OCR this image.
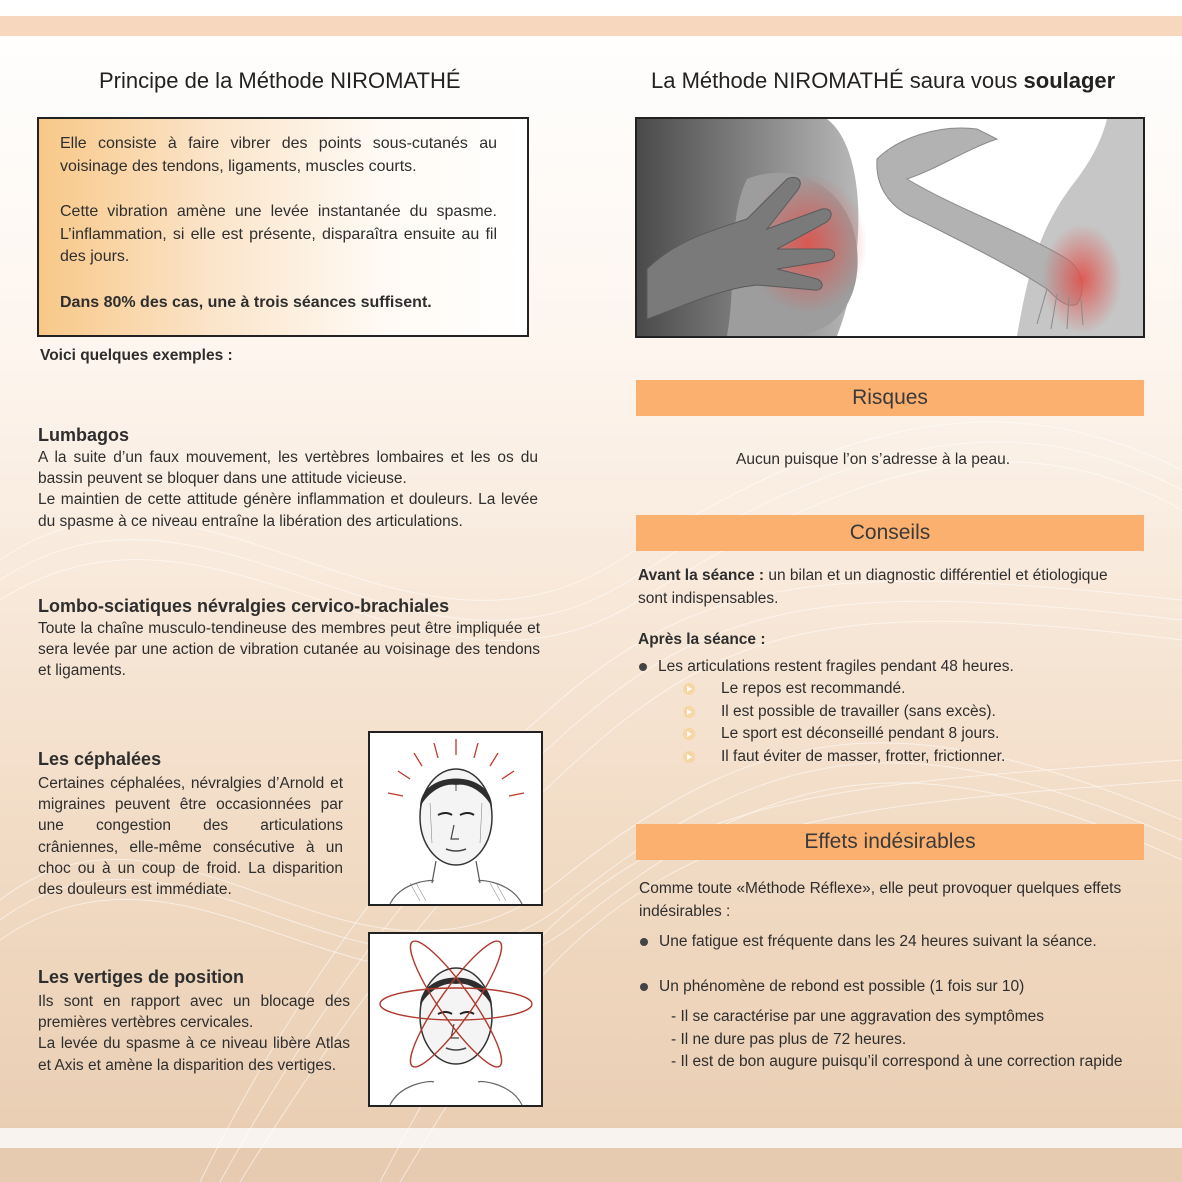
Principe de la Méthode NIROMATHÉ

Elle consiste à faire vibrer des points sous-cutanés au voisinage des tendons, ligaments, muscles courts.

Cette vibration amène une levée instantanée du spasme. L’inflammation, si elle est présente, disparaîtra ensuite au fil des jours.

Dans 80% des cas, une à trois séances suffisent.

Voici quelques exemples :
Lumbagos

A la suite d’un faux mouvement, les vertèbres lombaires et les os du bassin peuvent se bloquer dans une attitude vicieuse.

Le maintien de cette attitude génère inflammation et douleurs. La levée du spasme à ce niveau entraîne la libération des articulations.

Lombo-sciatiques névralgies cervico-brachiales

Toute la chaîne musculo-tendineuse des membres peut être impliquée et sera levée par une action de vibration cutanée au voisinage des tendons et ligaments.

Les céphalées

Certaines céphalées, névralgies d’Arnold et migraines peuvent être occasionnées par une congestion des articulations crâniennes, elle-même consécutive à un choc ou à un coup de froid. La disparition des douleurs est immédiate.

Les vertiges de position

Ils sont en rapport avec un blocage des premières vertèbres cervicales.

La levée du spasme à ce niveau libère Atlas et Axis et amène la disparition des vertiges.

La Méthode NIROMATHÉ saura vous soulager
Risques
Aucun puisque l’on s’adresse à la peau.
Conseils
Avant la séance : un bilan et un diagnostic différentiel et étiologique sont indispensables.
Après la séance :
Les articulations restent fragiles pendant 48 heures.
Le repos est recommandé.
Il est possible de travailler (sans excès).
Le sport est déconseillé pendant 8 jours.
Il faut éviter de masser, frotter, frictionner.
Effets indésirables
Comme toute «Méthode Réflexe», elle peut provoquer quelques effets indésirables :
Une fatigue est fréquente dans les 24 heures suivant la séance.
Un phénomène de rebond est possible (1 fois sur 10)
- Il se caractérise par une aggravation des symptômes
- Il ne dure pas plus de 72 heures.
- Il est de bon augure puisqu’il correspond à une correction rapide
